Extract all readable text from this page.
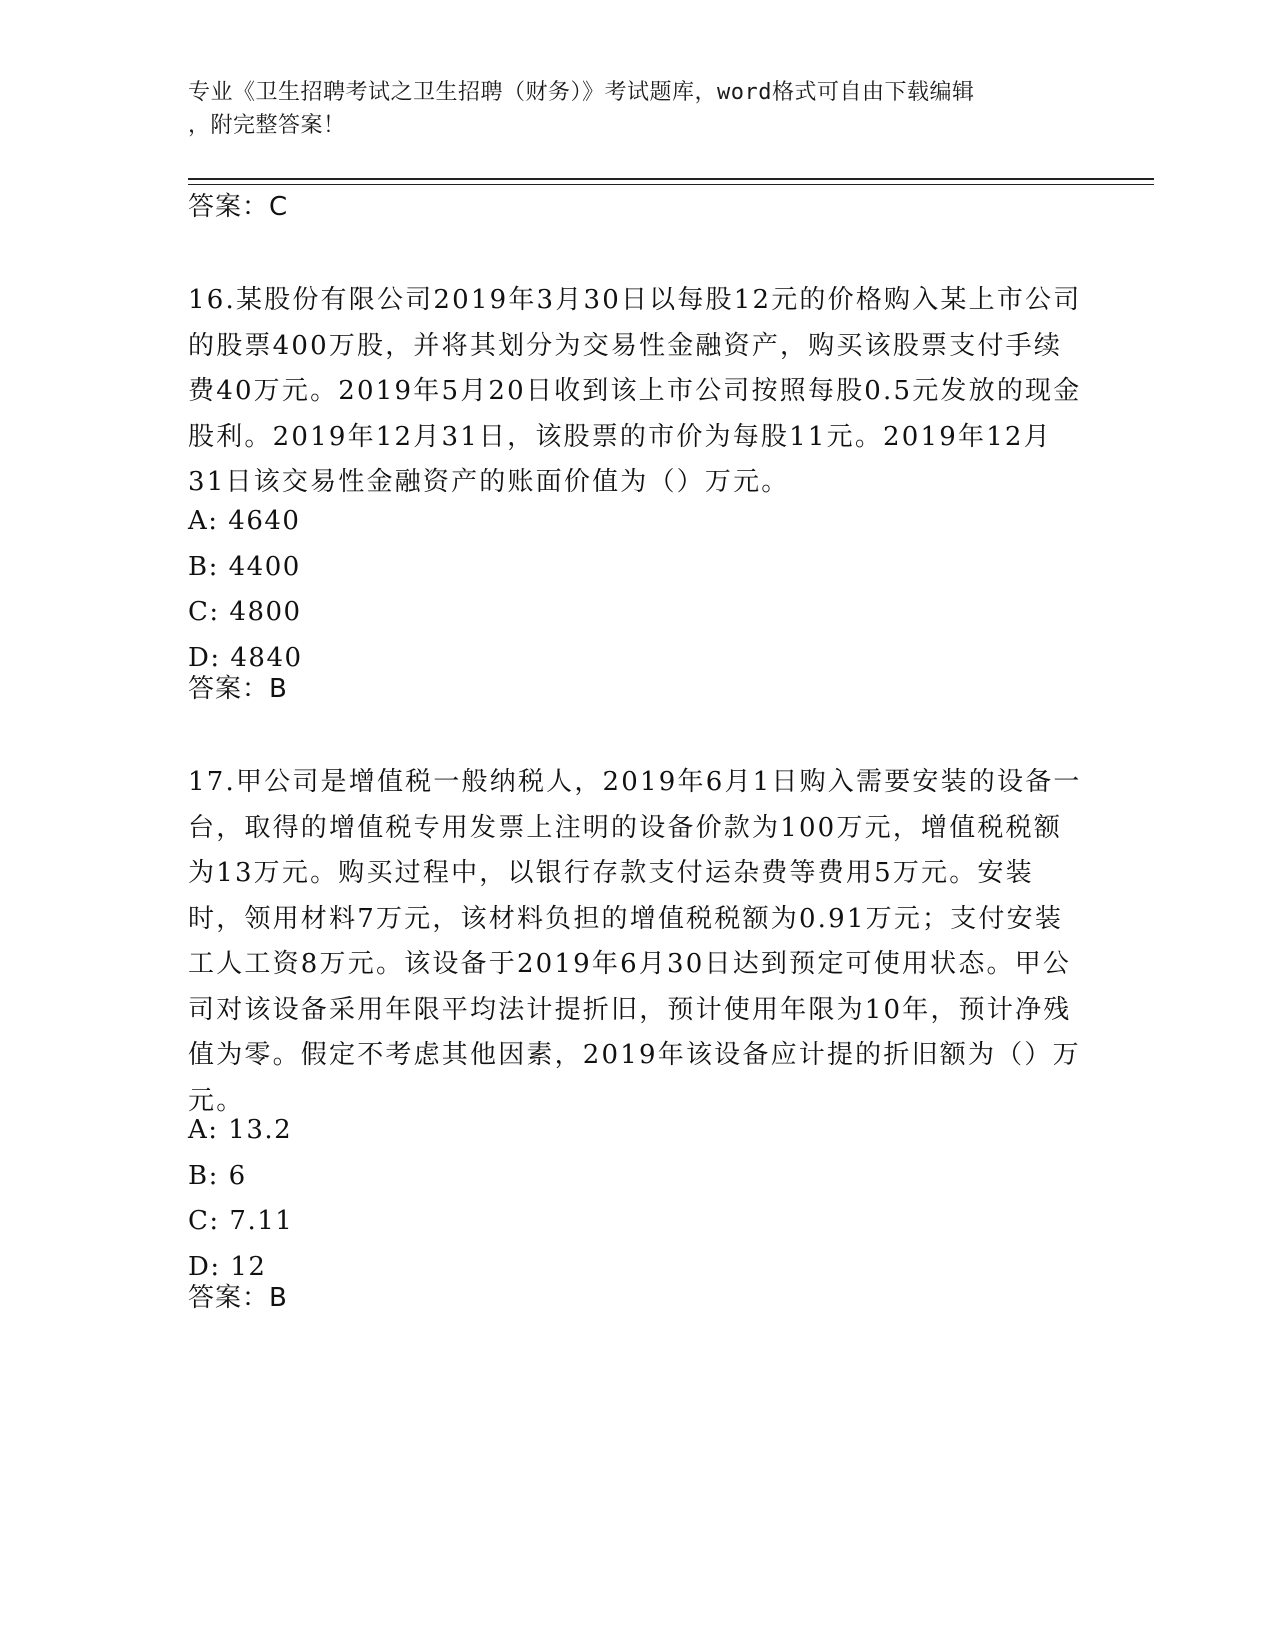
专业《卫生招聘考试之卫生招聘（财务）》考试题库，word格式可自由下载编辑
，附完整答案！
答案：C
16.某股份有限公司2019年3月30日以每股12元的价格购入某上市公司的股票400万股，并将其划分为交易性金融资产，购买该股票支付手续费40万元。2019年5月20日收到该上市公司按照每股0.5元发放的现金股利。2019年12月31日，该股票的市价为每股11元。2019年12月31日该交易性金融资产的账面价值为（）万元。
A: 4640
B: 4400
C: 4800
D: 4840
答案：B
17.甲公司是增值税一般纳税人，2019年6月1日购入需要安装的设备一台，取得的增值税专用发票上注明的设备价款为100万元，增值税税额为13万元。购买过程中，以银行存款支付运杂费等费用5万元。安装时，领用材料7万元，该材料负担的增值税税额为0.91万元；支付安装工人工资8万元。该设备于2019年6月30日达到预定可使用状态。甲公司对该设备采用年限平均法计提折旧，预计使用年限为10年，预计净残值为零。假定不考虑其他因素，2019年该设备应计提的折旧额为（）万元。
A: 13.2
B: 6
C: 7.11
D: 12
答案：B
